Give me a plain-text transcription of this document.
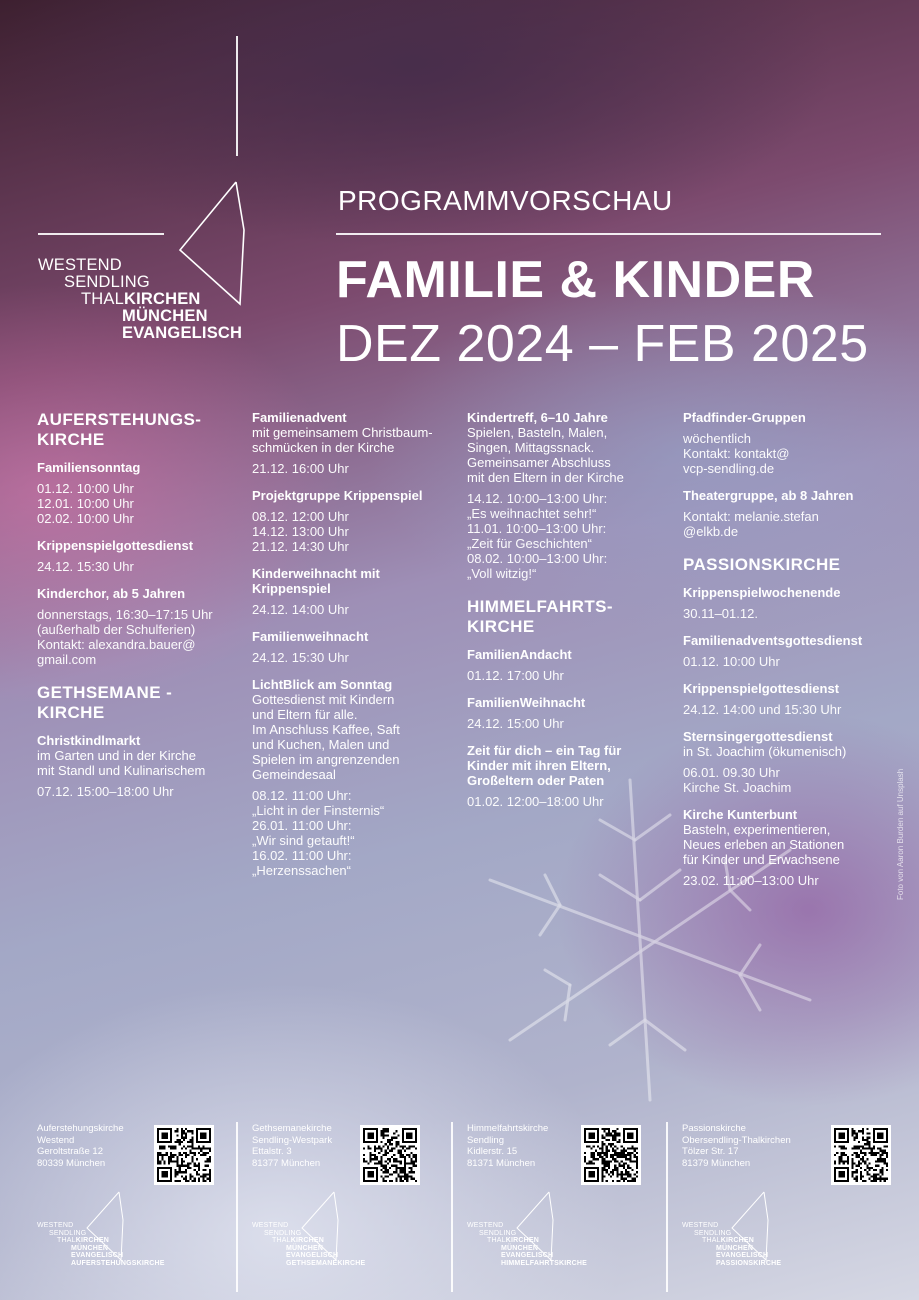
WESTEND
SENDLING
THALKIRCHEN
MÜNCHEN
EVANGELISCH
PROGRAMMVORSCHAU
FAMILIE & KINDER
DEZ 2024 – FEB 2025
AUFERSTEHUNGS-
KIRCHE
Familiensonntag
01.12. 10:00 Uhr
12.01. 10:00 Uhr
02.02. 10:00 Uhr
Krippenspielgottesdienst
24.12. 15:30 Uhr
Kinderchor, ab 5 Jahren
donnerstags, 16:30–17:15 Uhr
(außerhalb der Schulferien)
Kontakt: alexandra.bauer@
gmail.com
GETHSEMANE -
KIRCHE
Christkindlmarkt
im Garten und in der Kirche
mit Standl und Kulinarischem
07.12. 15:00–18:00 Uhr
Familienadvent
mit gemeinsamem Christbaum-
schmücken in der Kirche
21.12. 16:00 Uhr
Projektgruppe Krippenspiel
08.12. 12:00 Uhr
14.12. 13:00 Uhr
21.12. 14:30 Uhr
Kinderweihnacht mit
Krippenspiel
24.12. 14:00 Uhr
Familienweihnacht
24.12. 15:30 Uhr
LichtBlick am Sonntag
Gottesdienst mit Kindern
und Eltern für alle.
Im Anschluss Kaffee, Saft
und Kuchen, Malen und
Spielen im angrenzenden
Gemeindesaal
08.12. 11:00 Uhr:
„Licht in der Finsternis“
26.01. 11:00 Uhr:
„Wir sind getauft!“
16.02. 11:00 Uhr:
„Herzenssachen“
Kindertreff, 6–10 Jahre
Spielen, Basteln, Malen,
Singen, Mittagssnack.
Gemeinsamer Abschluss
mit den Eltern in der Kirche
14.12. 10:00–13:00 Uhr:
„Es weihnachtet sehr!“
11.01. 10:00–13:00 Uhr:
„Zeit für Geschichten“
08.02. 10:00–13:00 Uhr:
„Voll witzig!“
HIMMELFAHRTS-
KIRCHE
FamilienAndacht
01.12. 17:00 Uhr
FamilienWeihnacht
24.12. 15:00 Uhr
Zeit für dich – ein Tag für
Kinder mit ihren Eltern,
Großeltern oder Paten
01.02. 12:00–18:00 Uhr
Pfadfinder-Gruppen
wöchentlich
Kontakt: kontakt@
vcp-sendling.de
Theatergruppe, ab 8 Jahren
Kontakt: melanie.stefan
@elkb.de
PASSIONSKIRCHE
Krippenspielwochenende
30.11–01.12.
Familienadventsgottesdienst
01.12. 10:00 Uhr
Krippenspielgottesdienst
24.12. 14:00 und 15:30 Uhr
Sternsingergottesdienst
in St. Joachim (ökumenisch)
06.01. 09.30 Uhr
Kirche St. Joachim
Kirche Kunterbunt
Basteln, experimentieren,
Neues erleben an Stationen
für Kinder und Erwachsene
23.02. 11:00–13:00 Uhr
Auferstehungskirche
Westend
Geroltstraße 12
80339 München
WESTEND
SENDLING
THALKIRCHEN
MÜNCHEN
EVANGELISCH
AUFERSTEHUNGSKIRCHE
Gethsemanekirche
Sendling-Westpark
Ettalstr. 3
81377 München
WESTEND
SENDLING
THALKIRCHEN
MÜNCHEN
EVANGELISCH
GETHSEMANEKIRCHE
Himmelfahrtskirche
Sendling
Kidlerstr. 15
81371 München
WESTEND
SENDLING
THALKIRCHEN
MÜNCHEN
EVANGELISCH
HIMMELFAHRTSKIRCHE
Passionskirche
Obersendling-Thalkirchen
Tölzer Str. 17
81379 München
WESTEND
SENDLING
THALKIRCHEN
MÜNCHEN
EVANGELISCH
PASSIONSKIRCHE
Foto von Aaron Burden auf Unsplash
